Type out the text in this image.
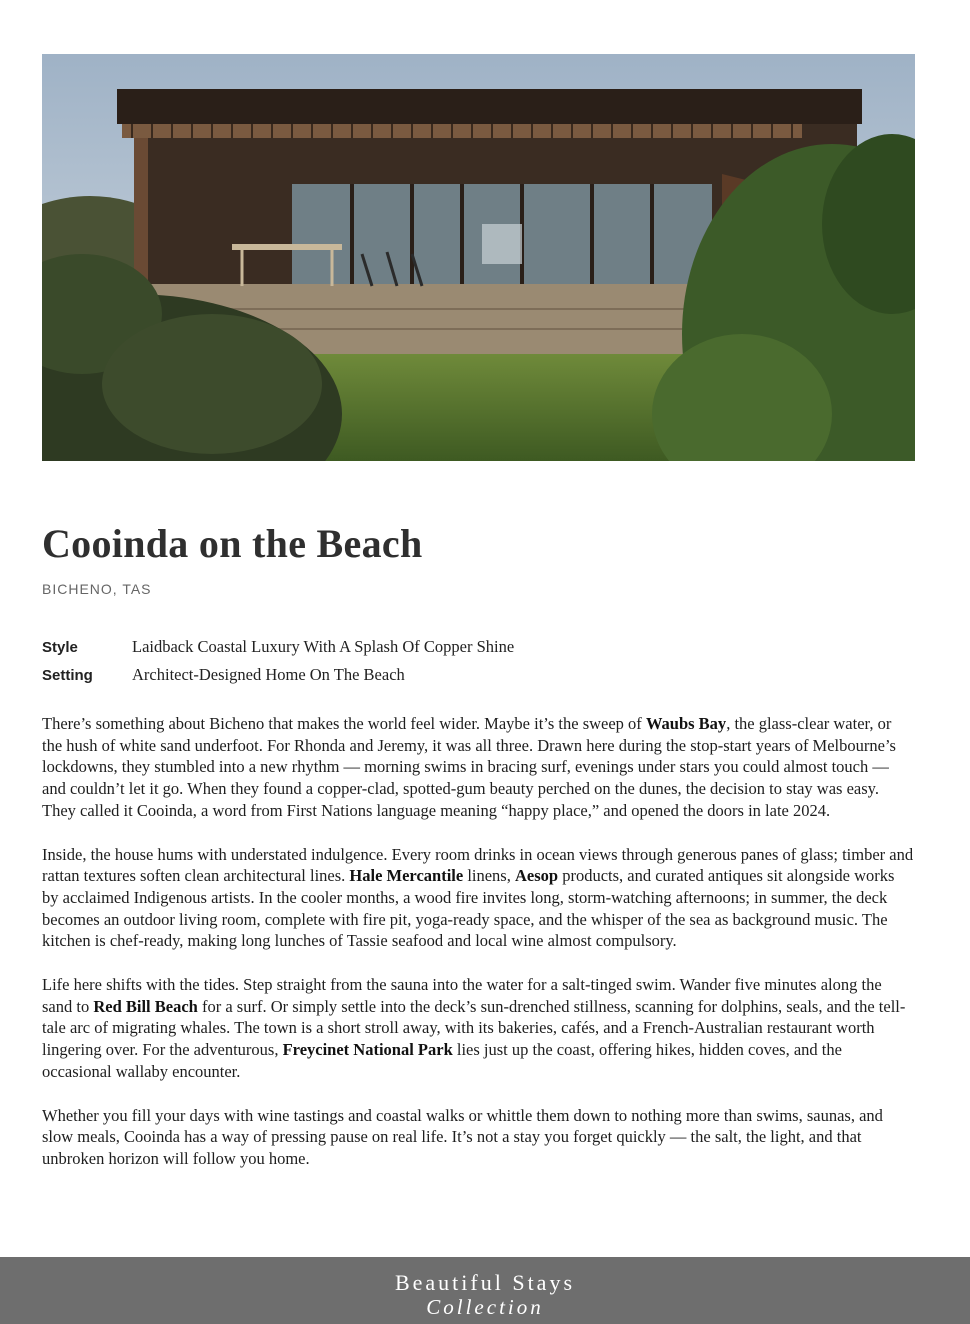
Cooinda on the Beach
BICHENO, TAS
Style	Laidback Coastal Luxury With A Splash Of Copper Shine
Setting	Architect-Designed Home On The Beach

There’s something about Bicheno that makes the world feel wider. Maybe it’s the sweep of Waubs Bay, the glass-clear water, or the hush of white sand underfoot. For Rhonda and Jeremy, it was all three. Drawn here during the stop-start years of Melbourne’s lockdowns, they stumbled into a new rhythm — morning swims in bracing surf, evenings under stars you could almost touch — and couldn’t let it go. When they found a copper-clad, spotted-gum beauty perched on the dunes, the decision to stay was easy. They called it Cooinda, a word from First Nations language meaning “happy place,” and opened the doors in late 2024.

Inside, the house hums with understated indulgence. Every room drinks in ocean views through generous panes of glass; timber and rattan textures soften clean architectural lines. Hale Mercantile linens, Aesop products, and curated antiques sit alongside works by acclaimed Indigenous artists. In the cooler months, a wood fire invites long, storm-watching afternoons; in summer, the deck becomes an outdoor living room, complete with fire pit, yoga-ready space, and the whisper of the sea as background music. The kitchen is chef-ready, making long lunches of Tassie seafood and local wine almost compulsory.

Life here shifts with the tides. Step straight from the sauna into the water for a salt-tinged swim. Wander five minutes along the sand to Red Bill Beach for a surf. Or simply settle into the deck’s sun-drenched stillness, scanning for dolphins, seals, and the tell-tale arc of migrating whales. The town is a short stroll away, with its bakeries, cafés, and a French-Australian restaurant worth lingering over. For the adventurous, Freycinet National Park lies just up the coast, offering hikes, hidden coves, and the occasional wallaby encounter.

Whether you fill your days with wine tastings and coastal walks or whittle them down to nothing more than swims, saunas, and slow meals, Cooinda has a way of pressing pause on real life. It’s not a stay you forget quickly — the salt, the light, and that unbroken horizon will follow you home.

Beautiful Stays
Collection
